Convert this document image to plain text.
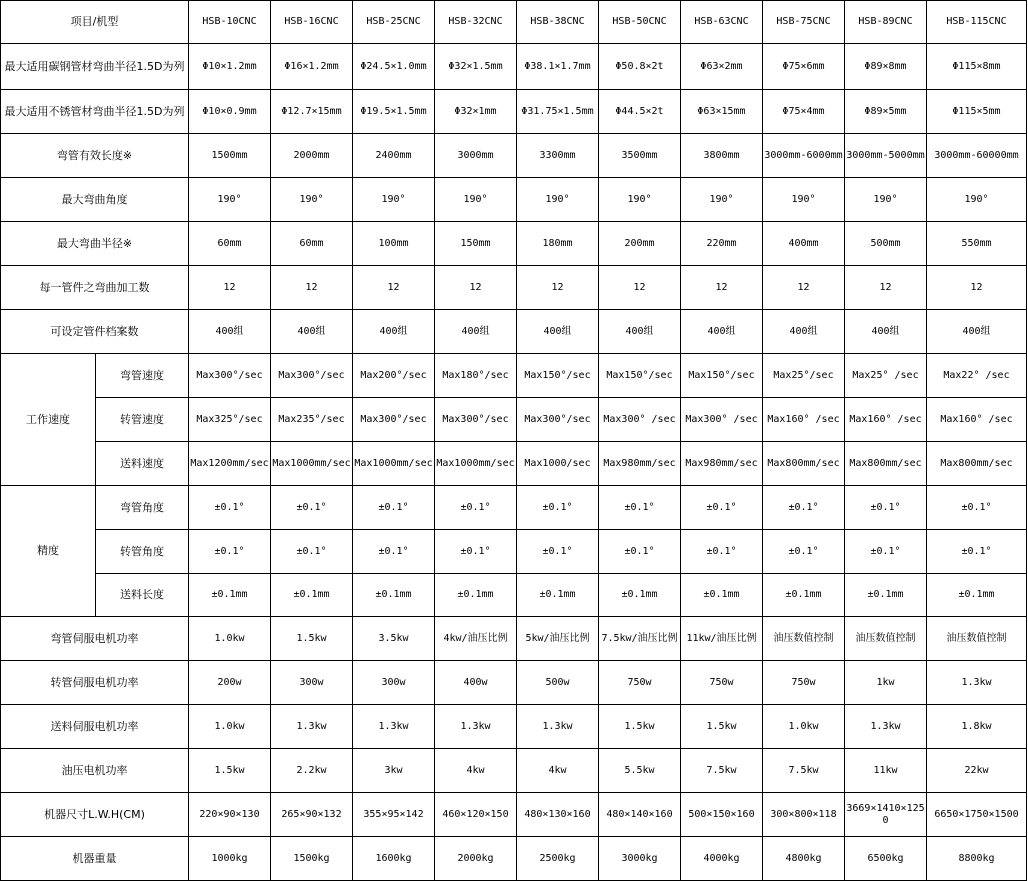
项目/机型		HSB-10CNC	HSB-16CNC	HSB-25CNC	HSB-32CNC	HSB-38CNC	HSB-50CNC	HSB-63CNC	HSB-75CNC	HSB-89CNC	HSB-115CNC
最大适用碳钢管材弯曲半径1.5D为列		Φ10×1.2mm	Φ16×1.2mm	Φ24.5×1.0mm	Φ32×1.5mm	Φ38.1×1.7mm	Φ50.8×2t	Φ63×2mm	Φ75×6mm	Φ89×8mm	Φ115×8mm
最大适用不锈管材弯曲半径1.5D为列		Φ10×0.9mm	Φ12.7×15mm	Φ19.5×1.5mm	Φ32×1mm	Φ31.75×1.5mm	Φ44.5×2t	Φ63×15mm	Φ75×4mm	Φ89×5mm	Φ115×5mm
弯管有效长度※		1500mm	2000mm	2400mm	3000mm	3300mm	3500mm	3800mm	3000mm-6000mm	3000mm-5000mm	3000mm-60000mm
最大弯曲角度		190°	190°	190°	190°	190°	190°	190°	190°	190°	190°
最大弯曲半径※		60mm	60mm	100mm	150mm	180mm	200mm	220mm	400mm	500mm	550mm
每一管件之弯曲加工数		12	12	12	12	12	12	12	12	12	12
可设定管件档案数		400组	400组	400组	400组	400组	400组	400组	400组	400组	400组
工作速度	弯管速度	Max300°/sec	Max300°/sec	Max200°/sec	Max180°/sec	Max150°/sec	Max150°/sec	Max150°/sec	Max25°/sec	Max25° /sec	Max22° /sec
	转管速度	Max325°/sec	Max235°/sec	Max300°/sec	Max300°/sec	Max300°/sec	Max300° /sec	Max300° /sec	Max160° /sec	Max160° /sec	Max160° /sec
	送料速度	Max1200mm/sec	Max1000mm/sec	Max1000mm/sec	Max1000mm/sec	Max1000/sec	Max980mm/sec	Max980mm/sec	Max800mm/sec	Max800mm/sec	Max800mm/sec
精度	弯管角度	±0.1°	±0.1°	±0.1°	±0.1°	±0.1°	±0.1°	±0.1°	±0.1°	±0.1°	±0.1°
	转管角度	±0.1°	±0.1°	±0.1°	±0.1°	±0.1°	±0.1°	±0.1°	±0.1°	±0.1°	±0.1°
	送料长度	±0.1mm	±0.1mm	±0.1mm	±0.1mm	±0.1mm	±0.1mm	±0.1mm	±0.1mm	±0.1mm	±0.1mm
弯管伺服电机功率		1.0kw	1.5kw	3.5kw	4kw/油压比例	5kw/油压比例	7.5kw/油压比例	11kw/油压比例	油压数值控制	油压数值控制	油压数值控制
转管伺服电机功率		200w	300w	300w	400w	500w	750w	750w	750w	1kw	1.3kw
送料伺服电机功率		1.0kw	1.3kw	1.3kw	1.3kw	1.3kw	1.5kw	1.5kw	1.0kw	1.3kw	1.8kw
油压电机功率		1.5kw	2.2kw	3kw	4kw	4kw	5.5kw	7.5kw	7.5kw	11kw	22kw
机器尺寸L.W.H(CM)		220×90×130	265×90×132	355×95×142	460×120×150	480×130×160	480×140×160	500×150×160	300×800×118	3669×1410×1250	6650×1750×1500
机器重量		1000kg	1500kg	1600kg	2000kg	2500kg	3000kg	4000kg	4800kg	6500kg	8800kg
